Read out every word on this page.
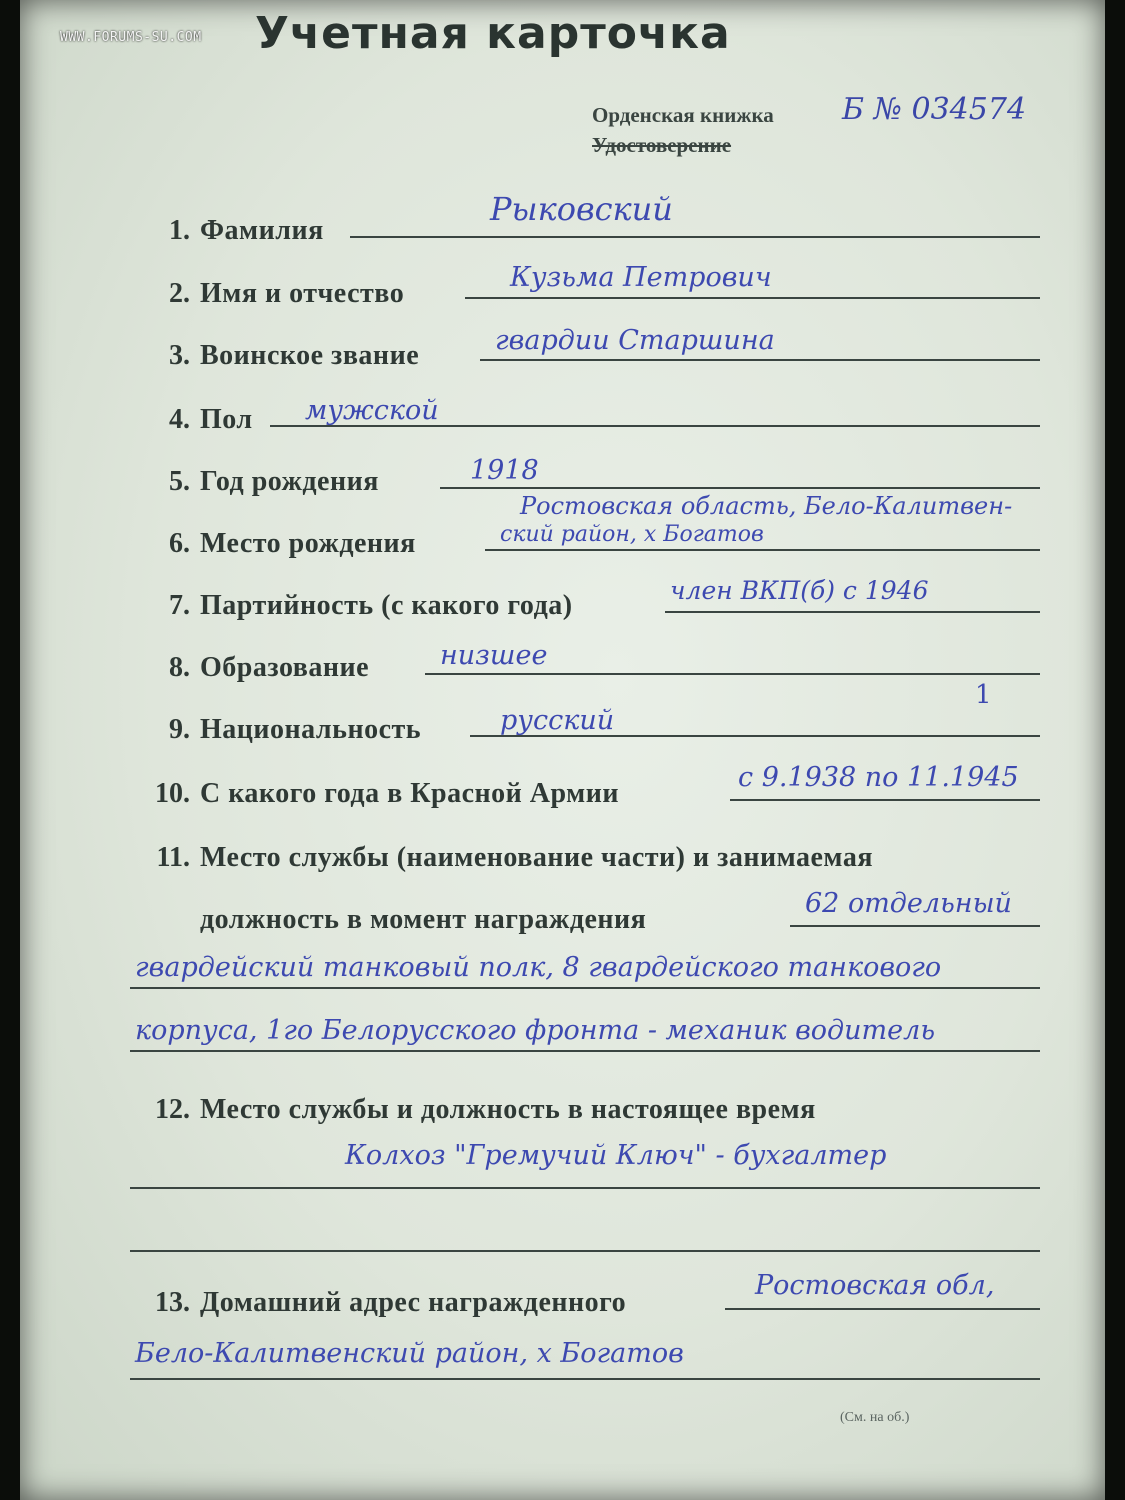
WWW.FORUMS-SU.COM Учетная карточка
Орденская книжка
Удостоверение
Б № 034574
1. Фамилия
Рыковский
2. Имя и отчество
Кузьма Петрович
3. Воинское звание	гвардии Старшина
4. Пол	мужской
5. Год рождения	1918
6. Место рождения
Ростовская область, Бело-Калитвен-
ский район, х Богатов
7. Партийность (с какого года)	член ВКП(б) с 1946
8. Образование	низшее
1
9. Национальность	русский
10. С какого года в Красной Армии
с 9.1938 по 11.1945
11. Место службы (наименование части) и занимаемая
должность в момент награждения
62 отдельный
гвардейский танковый полк, 8 гвардейского танкового
корпуса, 1го Белорусского фронта - механик водитель
12. Место службы и должность в настоящее время
Колхоз "Гремучий Ключ" - бухгалтер
13. Домашний адрес награжденного
Ростовская обл,
Бело-Калитвенский район, х Богатов
(См. на об.)
